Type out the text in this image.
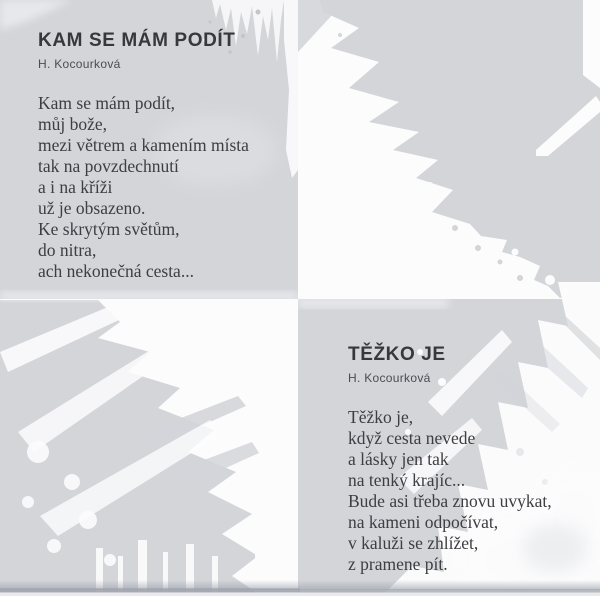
KAM SE MÁM PODÍT
H. Kocourková
Kam se mám podít,
můj bože,
mezi větrem a kamením místa
tak na povzdechnutí
a i na kříži
už je obsazeno.
Ke skrytým světům,
do nitra,
ach nekonečná cesta...
TĚŽKO JE
H. Kocourková
Těžko je,
když cesta nevede
a lásky jen tak
na tenký krajíc...
Bude asi třeba znovu uvykat,
na kameni odpočívat,
v kaluži se zhlížet,
z pramene pít.
